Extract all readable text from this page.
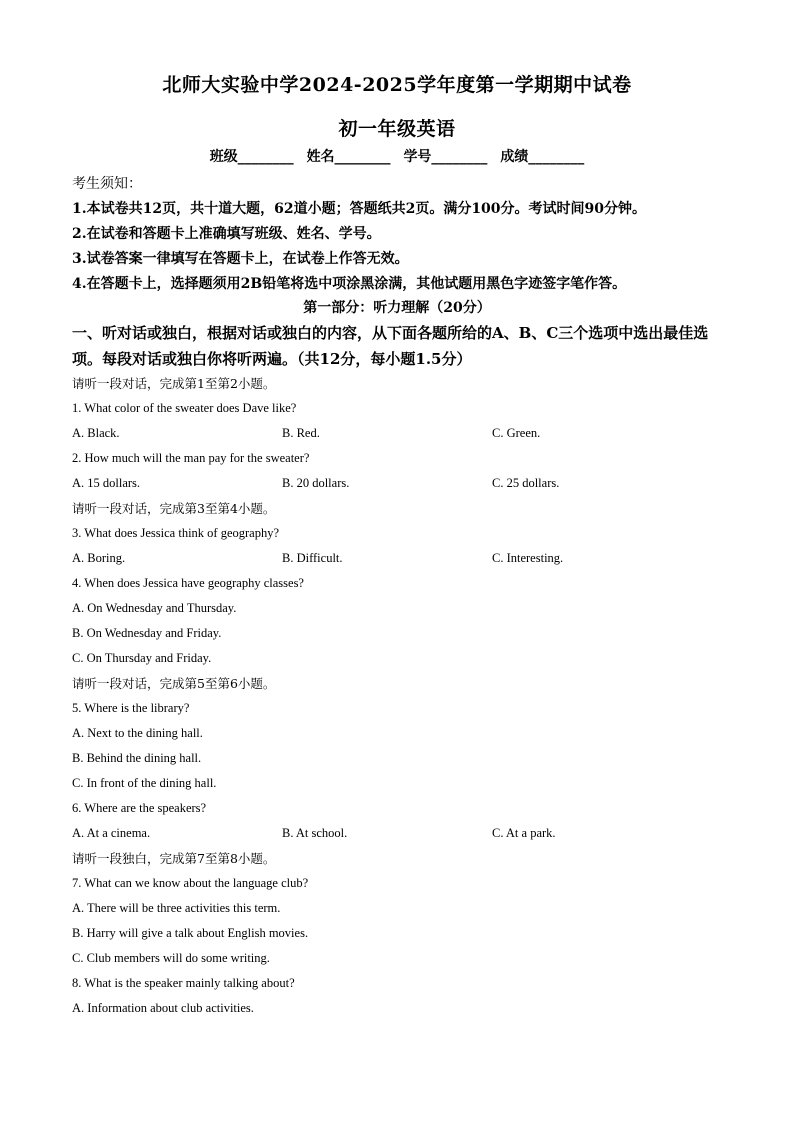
北师大实验中学2024-2025学年度第一学期期中试卷
初一年级英语
班级________ 姓名________ 学号________ 成绩________
考生须知：
1.本试卷共12页，共十道大题，62道小题；答题纸共2页。满分100分。考试时间90分钟。
2.在试卷和答题卡上准确填写班级、姓名、学号。
3.试卷答案一律填写在答题卡上，在试卷上作答无效。
4.在答题卡上，选择题须用2B铅笔将选中项涂黑涂满，其他试题用黑色字迹签字笔作答。
第一部分：听力理解（20分）
一、听对话或独白，根据对话或独白的内容，从下面各题所给的A、B、C三个选项中选出最佳选项。每段对话或独白你将听两遍。（共12分，每小题1.5分）
请听一段对话，完成第1至第2小题。
1. What color of the sweater does Dave like?
A. Black.	B. Red.	C. Green.
2. How much will the man pay for the sweater?
A. 15 dollars.	B. 20 dollars.	C. 25 dollars.
请听一段对话，完成第3至第4小题。
3. What does Jessica think of geography?
A. Boring.	B. Difficult.	C. Interesting.
4. When does Jessica have geography classes?
A. On Wednesday and Thursday.
B. On Wednesday and Friday.
C. On Thursday and Friday.
请听一段对话，完成第5至第6小题。
5. Where is the library?
A. Next to the dining hall.
B. Behind the dining hall.
C. In front of the dining hall.
6. Where are the speakers?
A. At a cinema.	B. At school.	C. At a park.
请听一段独白，完成第7至第8小题。
7. What can we know about the language club?
A. There will be three activities this term.
B. Harry will give a talk about English movies.
C. Club members will do some writing.
8. What is the speaker mainly talking about?
A. Information about club activities.
